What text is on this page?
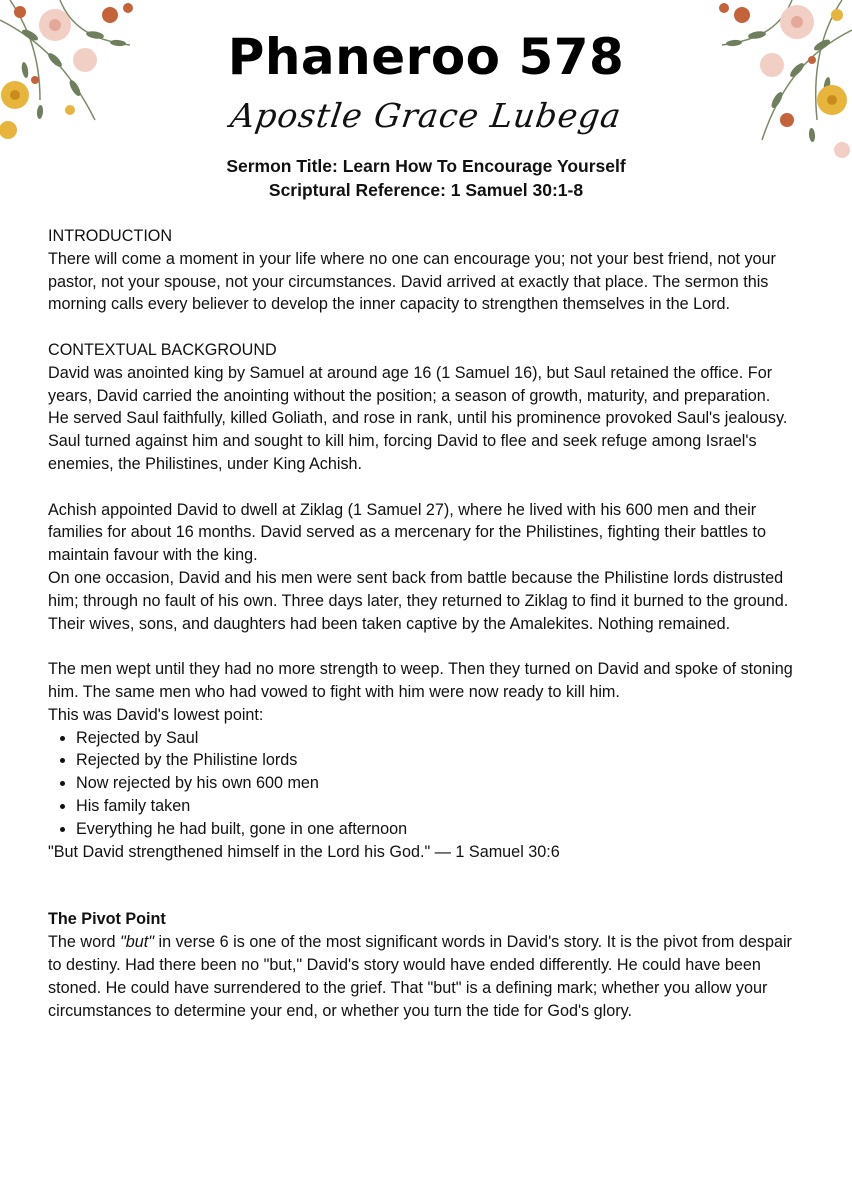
Phaneroo 578
Apostle Grace Lubega
Sermon Title: Learn How To Encourage Yourself
Scriptural Reference: 1 Samuel 30:1-8

INTRODUCTION

There will come a moment in your life where no one can encourage you; not your best friend, not your pastor, not your spouse, not your circumstances. David arrived at exactly that place. The sermon this morning calls every believer to develop the inner capacity to strengthen themselves in the Lord.

CONTEXTUAL BACKGROUND

David was anointed king by Samuel at around age 16 (1 Samuel 16), but Saul retained the office. For years, David carried the anointing without the position; a season of growth, maturity, and preparation.

He served Saul faithfully, killed Goliath, and rose in rank, until his prominence provoked Saul's jealousy. Saul turned against him and sought to kill him, forcing David to flee and seek refuge among Israel's enemies, the Philistines, under King Achish.

Achish appointed David to dwell at Ziklag (1 Samuel 27), where he lived with his 600 men and their families for about 16 months. David served as a mercenary for the Philistines, fighting their battles to maintain favour with the king.

On one occasion, David and his men were sent back from battle because the Philistine lords distrusted him; through no fault of his own. Three days later, they returned to Ziklag to find it burned to the ground. Their wives, sons, and daughters had been taken captive by the Amalekites. Nothing remained.

The men wept until they had no more strength to weep. Then they turned on David and spoke of stoning him. The same men who had vowed to fight with him were now ready to kill him.

This was David's lowest point:

• Rejected by Saul
• Rejected by the Philistine lords
• Now rejected by his own 600 men
• His family taken
• Everything he had built, gone in one afternoon

"But David strengthened himself in the Lord his God." — 1 Samuel 30:6

The Pivot Point

The word "but" in verse 6 is one of the most significant words in David's story. It is the pivot from despair to destiny. Had there been no "but," David's story would have ended differently. He could have been stoned. He could have surrendered to the grief. That "but" is a defining mark; whether you allow your circumstances to determine your end, or whether you turn the tide for God's glory.
